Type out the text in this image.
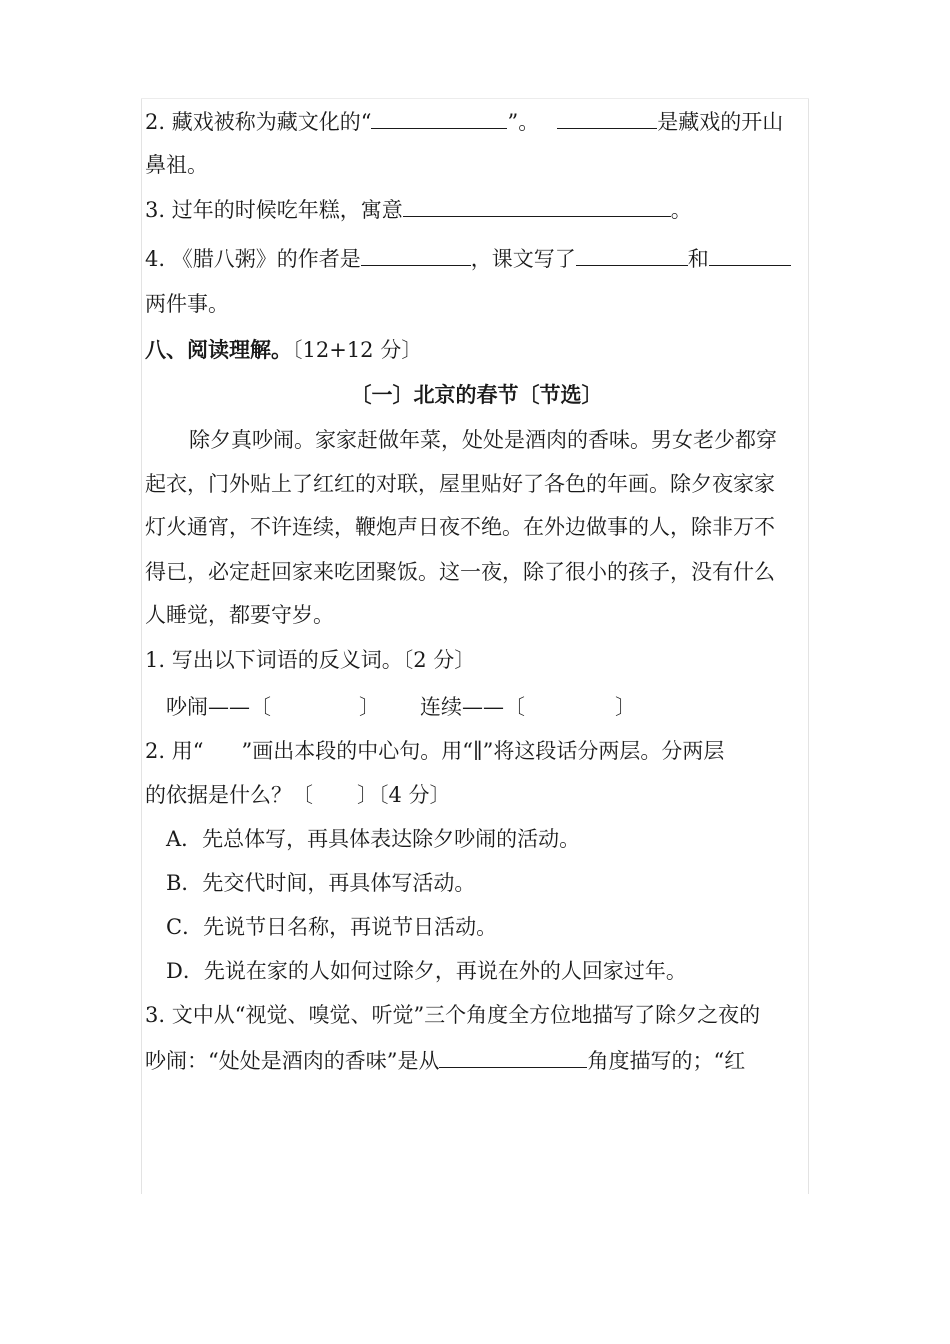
2. 藏戏被称为藏文化的“	”。	是藏戏的开山
鼻祖。
3. 过年的时候吃年糕，寓意	。
4. 《腊八粥》的作者是	，课文写了	和
两件事。
八、阅读理解。〔12+12 分〕
〔一〕北京的春节〔节选〕
除夕真吵闹。家家赶做年菜，处处是酒肉的香味。男女老少都穿
起衣，门外贴上了红红的对联，屋里贴好了各色的年画。除夕夜家家
灯火通宵，不许连续，鞭炮声日夜不绝。在外边做事的人，除非万不
得已，必定赶回家来吃团聚饭。这一夜，除了很小的孩子，没有什么
人睡觉，都要守岁。
1. 写出以下词语的反义词。〔2 分〕
吵闹——〔	〕 连续——〔	〕
2. 用“ ”画出本段的中心句。用“∥”将这段话分两层。分两层
的依据是什么？〔 〕〔4 分〕
A．先总体写，再具体表达除夕吵闹的活动。
B．先交代时间，再具体写活动。
C．先说节日名称，再说节日活动。
D．先说在家的人如何过除夕，再说在外的人回家过年。
3. 文中从“视觉、嗅觉、听觉”三个角度全方位地描写了除夕之夜的
吵闹：“处处是酒肉的香味”是从	角度描写的；“红
